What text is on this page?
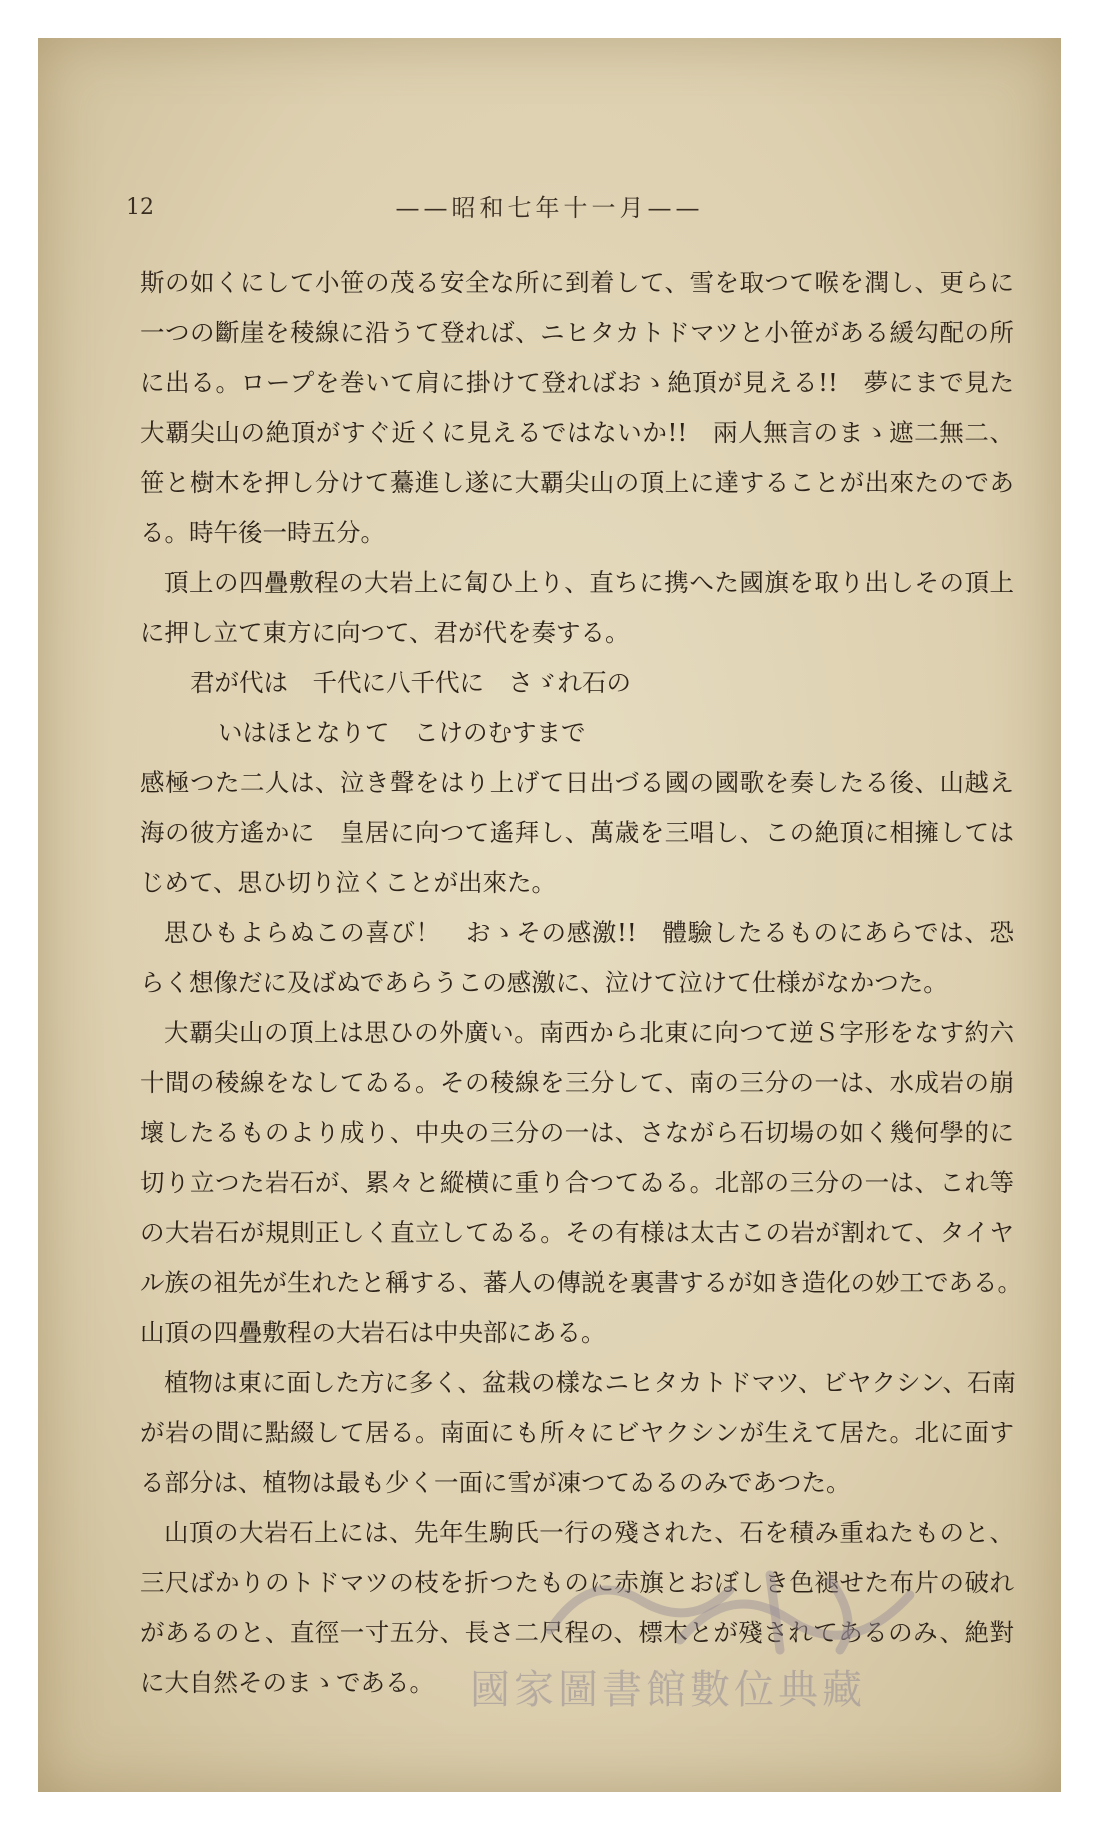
12	——昭和七年十一月——
斯の如くにして小笹の茂る安全な所に到着して、雪を取つて喉を潤し、更らに
一つの斷崖を稜線に沿うて登れば、ニヒタカトドマツと小笹がある緩勾配の所
に出る。ロープを巻いて肩に掛けて登ればおゝ絶頂が見える!!　夢にまで見た
大覇尖山の絶頂がすぐ近くに見えるではないか!!　兩人無言のまゝ遮二無二、
笹と樹木を押し分けて驀進し遂に大覇尖山の頂上に達することが出來たのであ
る。時午後一時五分。
頂上の四疊敷程の大岩上に匐ひ上り、直ちに携へた國旗を取り出しその頂上
に押し立て東方に向つて、君が代を奏する。
君が代は　千代に八千代に　さゞれ石の
いはほとなりて　こけのむすまで
感極つた二人は、泣き聲をはり上げて日出づる國の國歌を奏したる後、山越え
海の彼方遙かに　皇居に向つて遙拜し、萬歳を三唱し、この絶頂に相擁しては
じめて、思ひ切り泣くことが出來た。
思ひもよらぬこの喜び！　おゝその感激!!　體驗したるものにあらでは、恐
らく想像だに及ばぬであらうこの感激に、泣けて泣けて仕様がなかつた。
大覇尖山の頂上は思ひの外廣い。南西から北東に向つて逆Ｓ字形をなす約六
十間の稜線をなしてゐる。その稜線を三分して、南の三分の一は、水成岩の崩
壞したるものより成り、中央の三分の一は、さながら石切場の如く幾何學的に
切り立つた岩石が、累々と縱横に重り合つてゐる。北部の三分の一は、これ等
の大岩石が規則正しく直立してゐる。その有様は太古この岩が割れて、タイヤ
ル族の祖先が生れたと稱する、蕃人の傳説を裏書するが如き造化の妙工である。
山頂の四疊敷程の大岩石は中央部にある。
植物は東に面した方に多く、盆栽の樣なニヒタカトドマツ、ビヤクシン、石南
が岩の間に點綴して居る。南面にも所々にビヤクシンが生えて居た。北に面す
る部分は、植物は最も少く一面に雪が凍つてゐるのみであつた。
山頂の大岩石上には、先年生駒氏一行の殘された、石を積み重ねたものと、
三尺ばかりのトドマツの枝を折つたものに赤旗とおぼしき色褪せた布片の破れ
があるのと、直徑一寸五分、長さ二尺程の、標木とが殘されてあるのみ、絶對
に大自然そのまゝである。 國家圖書館數位典藏
